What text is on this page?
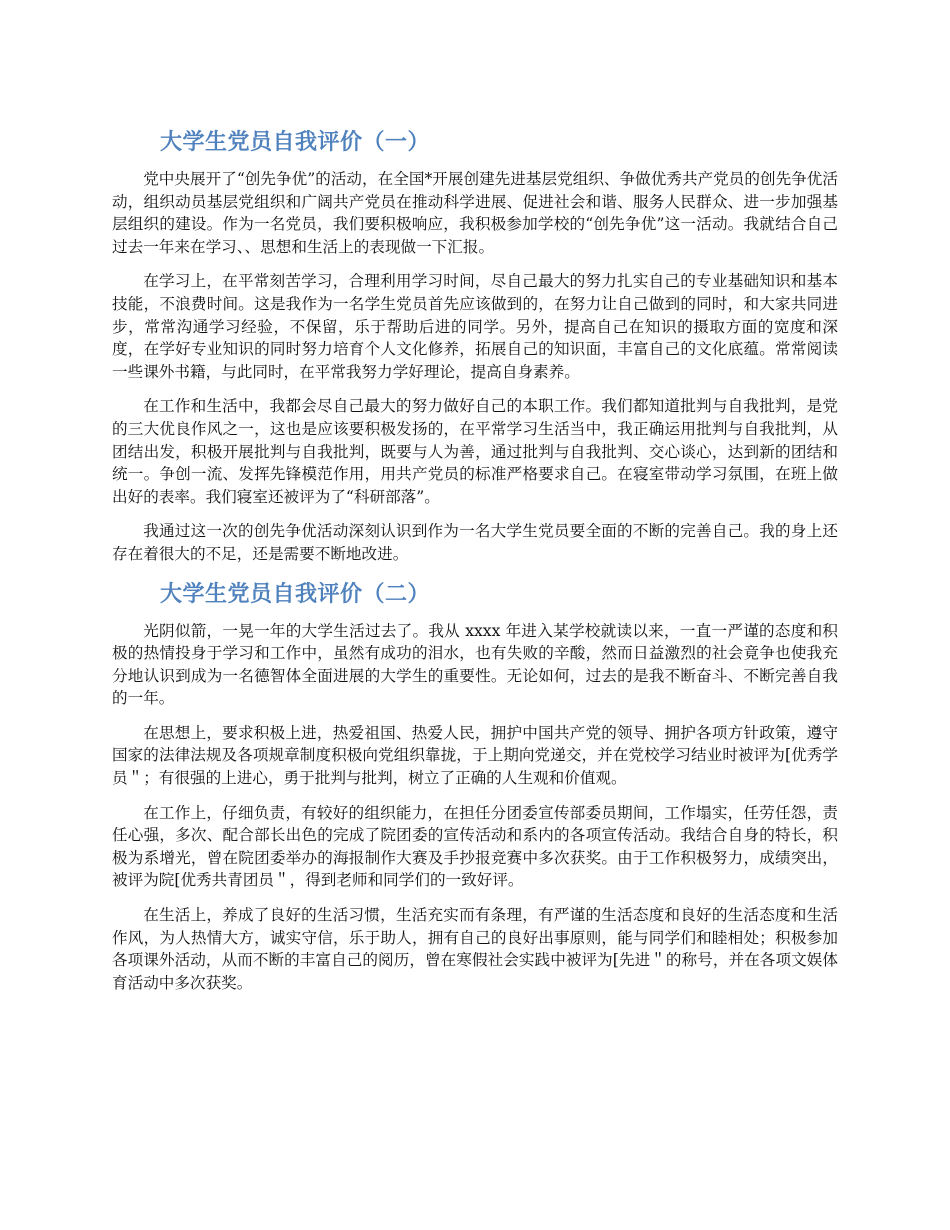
大学生党员自我评价（一）

党中央展开了“创先争优”的活动，在全国*开展创建先进基层党组织、争做优秀共产党员的创先争优活动，组织动员基层党组织和广阔共产党员在推动科学进展、促进社会和谐、服务人民群众、进一步加强基层组织的建设。作为一名党员，我们要积极响应，我积极参加学校的“创先争优”这一活动。我就结合自己过去一年来在学习、、思想和生活上的表现做一下汇报。

在学习上，在平常刻苦学习，合理利用学习时间，尽自己最大的努力扎实自己的专业基础知识和基本技能，不浪费时间。这是我作为一名学生党员首先应该做到的，在努力让自己做到的同时，和大家共同进步，常常沟通学习经验，不保留，乐于帮助后进的同学。另外，提高自己在知识的摄取方面的宽度和深度，在学好专业知识的同时努力培育个人文化修养，拓展自己的知识面，丰富自己的文化底蕴。常常阅读一些课外书籍，与此同时，在平常我努力学好理论，提高自身素养。

在工作和生活中，我都会尽自己最大的努力做好自己的本职工作。我们都知道批判与自我批判，是党的三大优良作风之一，这也是应该要积极发扬的，在平常学习生活当中，我正确运用批判与自我批判，从团结出发，积极开展批判与自我批判，既要与人为善，通过批判与自我批判、交心谈心，达到新的团结和统一。争创一流、发挥先锋模范作用，用共产党员的标准严格要求自己。在寝室带动学习氛围，在班上做出好的表率。我们寝室还被评为了“科研部落”。

我通过这一次的创先争优活动深刻认识到作为一名大学生党员要全面的不断的完善自己。我的身上还存在着很大的不足，还是需要不断地改进。

大学生党员自我评价（二）

光阴似箭，一晃一年的大学生活过去了。我从 xxxx 年进入某学校就读以来，一直一严谨的态度和积极的热情投身于学习和工作中，虽然有成功的泪水，也有失败的辛酸，然而日益激烈的社会竟争也使我充分地认识到成为一名德智体全面进展的大学生的重要性。无论如何，过去的是我不断奋斗、不断完善自我的一年。

在思想上，要求积极上进，热爱祖国、热爱人民，拥护中国共产党的领导、拥护各项方针政策，遵守国家的法律法规及各项规章制度积极向党组织靠拢，于上期向党递交，并在党校学习结业时被评为[优秀学员＂；有很强的上进心，勇于批判与批判，树立了正确的人生观和价值观。

在工作上，仔细负责，有较好的组织能力，在担任分团委宣传部委员期间，工作塌实，任劳任怨，责任心强，多次、配合部长出色的完成了院团委的宣传活动和系内的各项宣传活动。我结合自身的特长，积极为系增光，曾在院团委举办的海报制作大赛及手抄报竞赛中多次获奖。由于工作积极努力，成绩突出，被评为院[优秀共青团员＂，得到老师和同学们的一致好评。

在生活上，养成了良好的生活习惯，生活充实而有条理，有严谨的生活态度和良好的生活态度和生活作风，为人热情大方，诚实守信，乐于助人，拥有自己的良好出事原则，能与同学们和睦相处；积极参加各项课外活动，从而不断的丰富自己的阅历，曾在寒假社会实践中被评为[先进＂的称号，并在各项文娱体育活动中多次获奖。
